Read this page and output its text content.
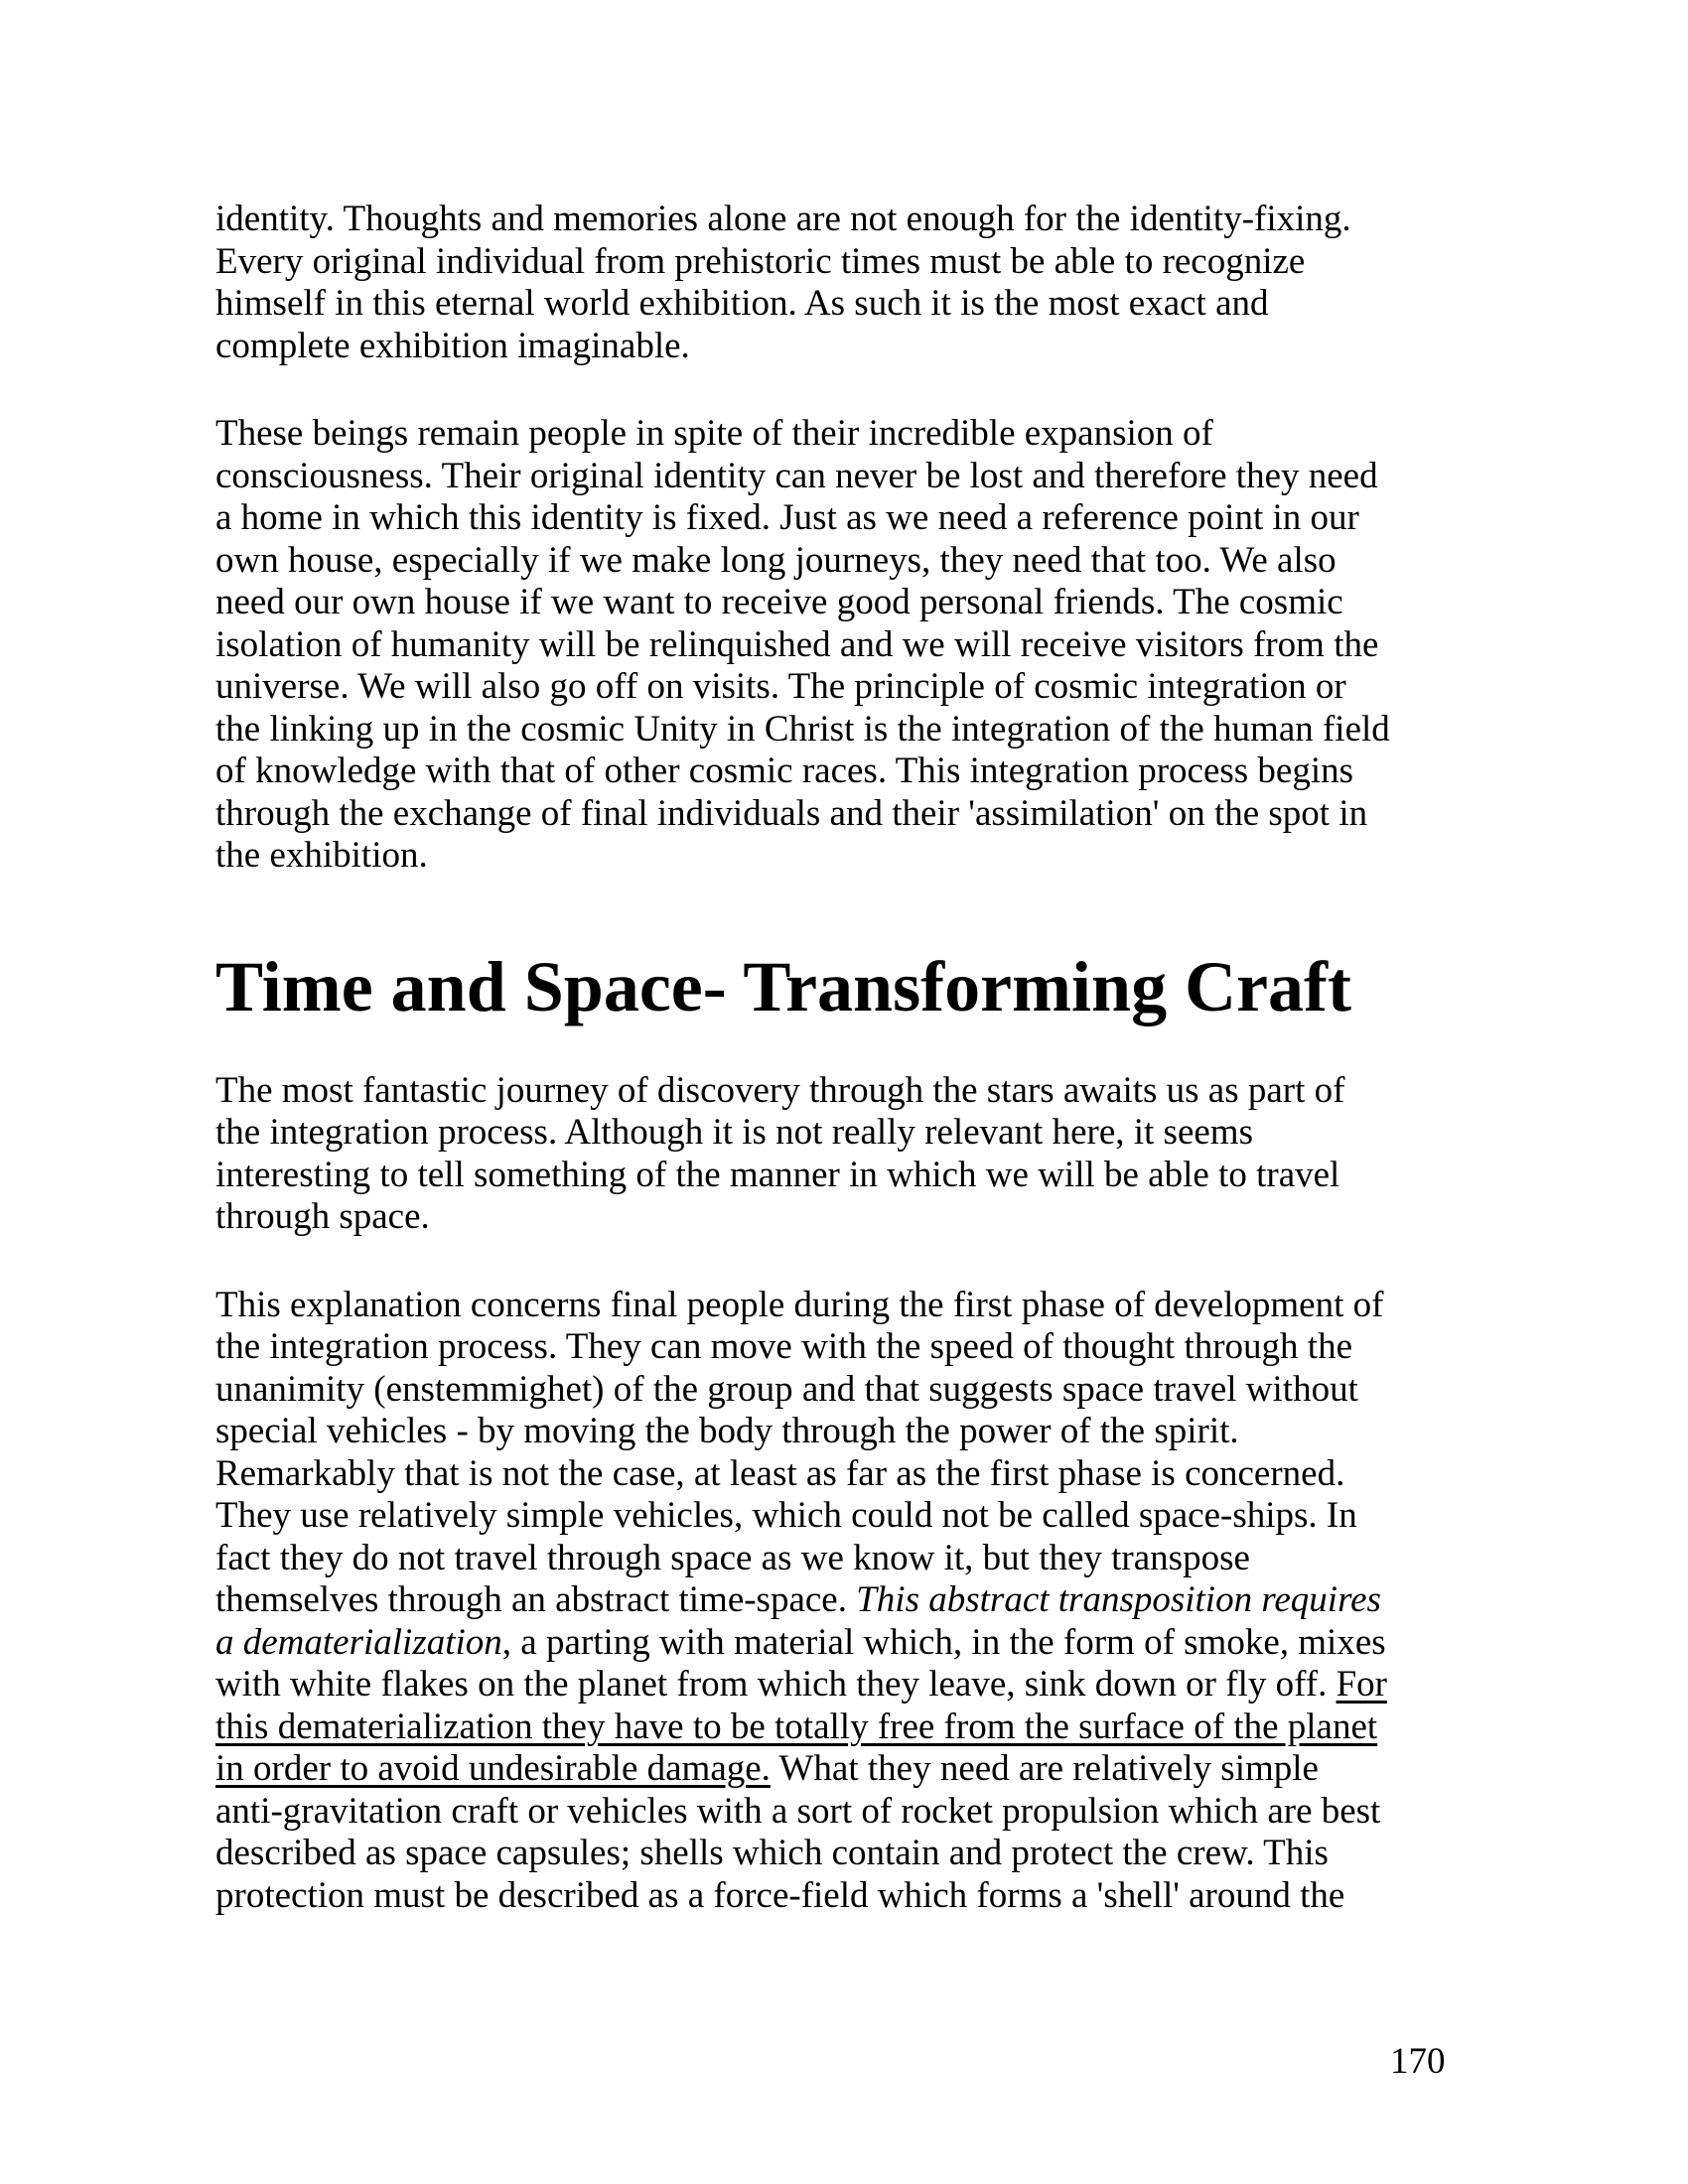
identity. Thoughts and memories alone are not enough for the identity-fixing.
Every original individual from prehistoric times must be able to recognize
himself in this eternal world exhibition. As such it is the most exact and
complete exhibition imaginable.
These beings remain people in spite of their incredible expansion of
consciousness. Their original identity can never be lost and therefore they need
a home in which this identity is fixed. Just as we need a reference point in our
own house, especially if we make long journeys, they need that too. We also
need our own house if we want to receive good personal friends. The cosmic
isolation of humanity will be relinquished and we will receive visitors from the
universe. We will also go off on visits. The principle of cosmic integration or
the linking up in the cosmic Unity in Christ is the integration of the human field
of knowledge with that of other cosmic races. This integration process begins
through the exchange of final individuals and their 'assimilation' on the spot in
the exhibition.
Time and Space- Transforming Craft
The most fantastic journey of discovery through the stars awaits us as part of
the integration process. Although it is not really relevant here, it seems
interesting to tell something of the manner in which we will be able to travel
through space.
This explanation concerns final people during the first phase of development of
the integration process. They can move with the speed of thought through the
unanimity (enstemmighet) of the group and that suggests space travel without
special vehicles - by moving the body through the power of the spirit.
Remarkably that is not the case, at least as far as the first phase is concerned.
They use relatively simple vehicles, which could not be called space-ships. In
fact they do not travel through space as we know it, but they transpose
themselves through an abstract time-space. This abstract transposition requires
a dematerialization, a parting with material which, in the form of smoke, mixes
with white flakes on the planet from which they leave, sink down or fly off. For
this dematerialization they have to be totally free from the surface of the planet
in order to avoid undesirable damage. What they need are relatively simple
anti-gravitation craft or vehicles with a sort of rocket propulsion which are best
described as space capsules; shells which contain and protect the crew. This
protection must be described as a force-field which forms a 'shell' around the
170
